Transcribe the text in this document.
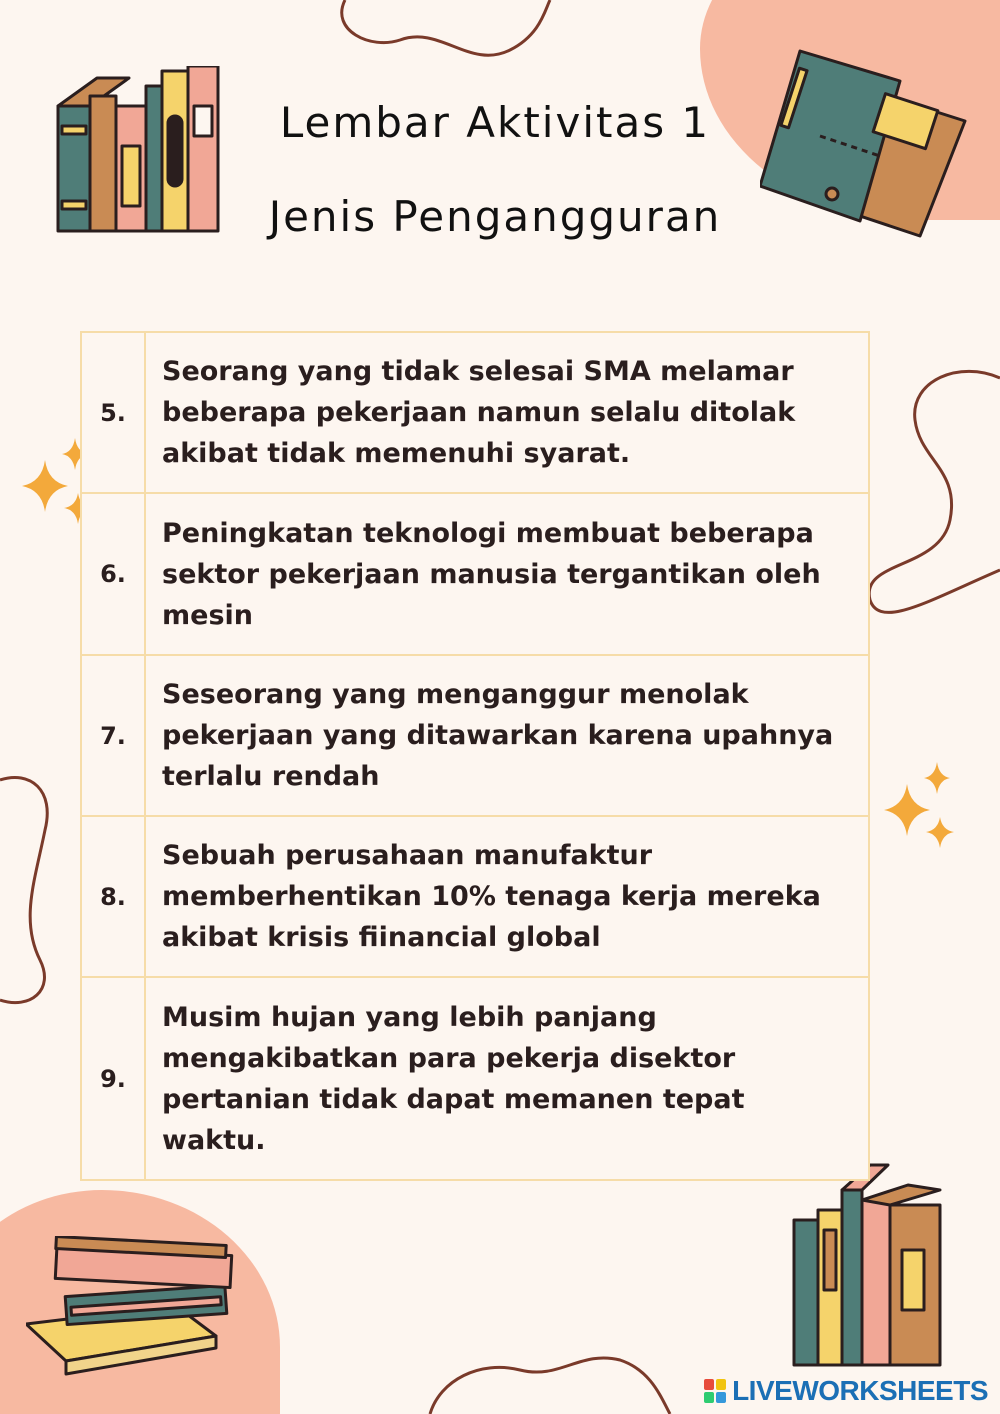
Lembar Aktivitas 1
Jenis Pengangguran
5.	Seorang yang tidak selesai SMA melamar beberapa pekerjaan namun selalu ditolak akibat tidak memenuhi syarat.
6.	Peningkatan teknologi membuat beberapa sektor pekerjaan manusia tergantikan oleh mesin
7.	Seseorang yang menganggur menolak pekerjaan yang ditawarkan karena upahnya terlalu rendah
8.	Sebuah perusahaan manufaktur memberhentikan 10% tenaga kerja mereka akibat krisis fiinancial global
9.	Musim hujan yang lebih panjang mengakibatkan para pekerja disektor pertanian tidak dapat memanen tepat waktu.
LIVEWORKSHEETS
